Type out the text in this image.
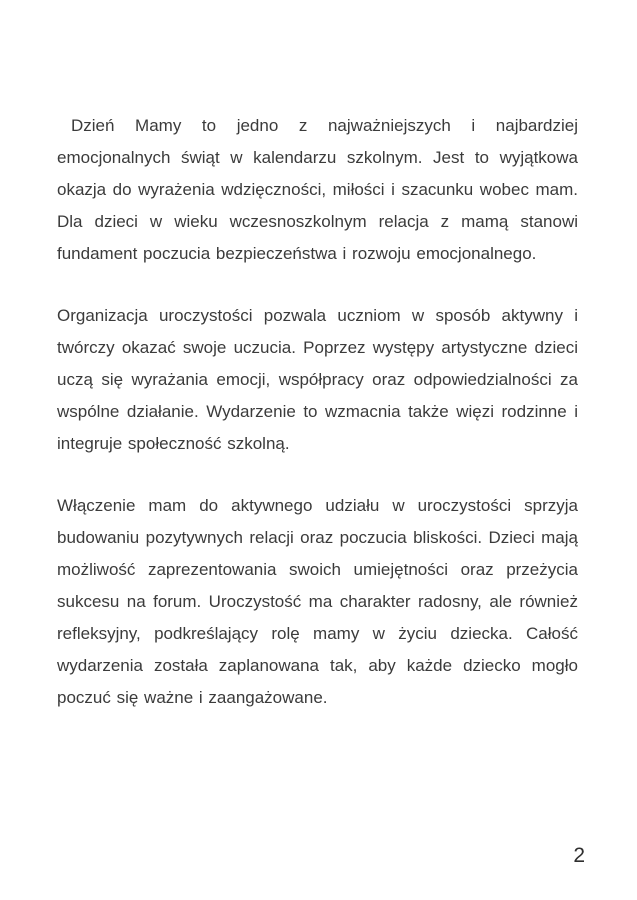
Dzień Mamy to jedno z najważniejszych i najbardziej emocjonalnych świąt w kalendarzu szkolnym. Jest to wyjątkowa okazja do wyrażenia wdzięczności, miłości i szacunku wobec mam. Dla dzieci w wieku wczesnoszkolnym relacja z mamą stanowi fundament poczucia bezpieczeństwa i rozwoju emocjonalnego.

Organizacja uroczystości pozwala uczniom w sposób aktywny i twórczy okazać swoje uczucia. Poprzez występy artystyczne dzieci uczą się wyrażania emocji, współpracy oraz odpowiedzialności za wspólne działanie. Wydarzenie to wzmacnia także więzi rodzinne i integruje społeczność szkolną.

Włączenie mam do aktywnego udziału w uroczystości sprzyja budowaniu pozytywnych relacji oraz poczucia bliskości. Dzieci mają możliwość zaprezentowania swoich umiejętności oraz przeżycia sukcesu na forum. Uroczystość ma charakter radosny, ale również refleksyjny, podkreślający rolę mamy w życiu dziecka. Całość wydarzenia została zaplanowana tak, aby każde dziecko mogło poczuć się ważne i zaangażowane.

2
